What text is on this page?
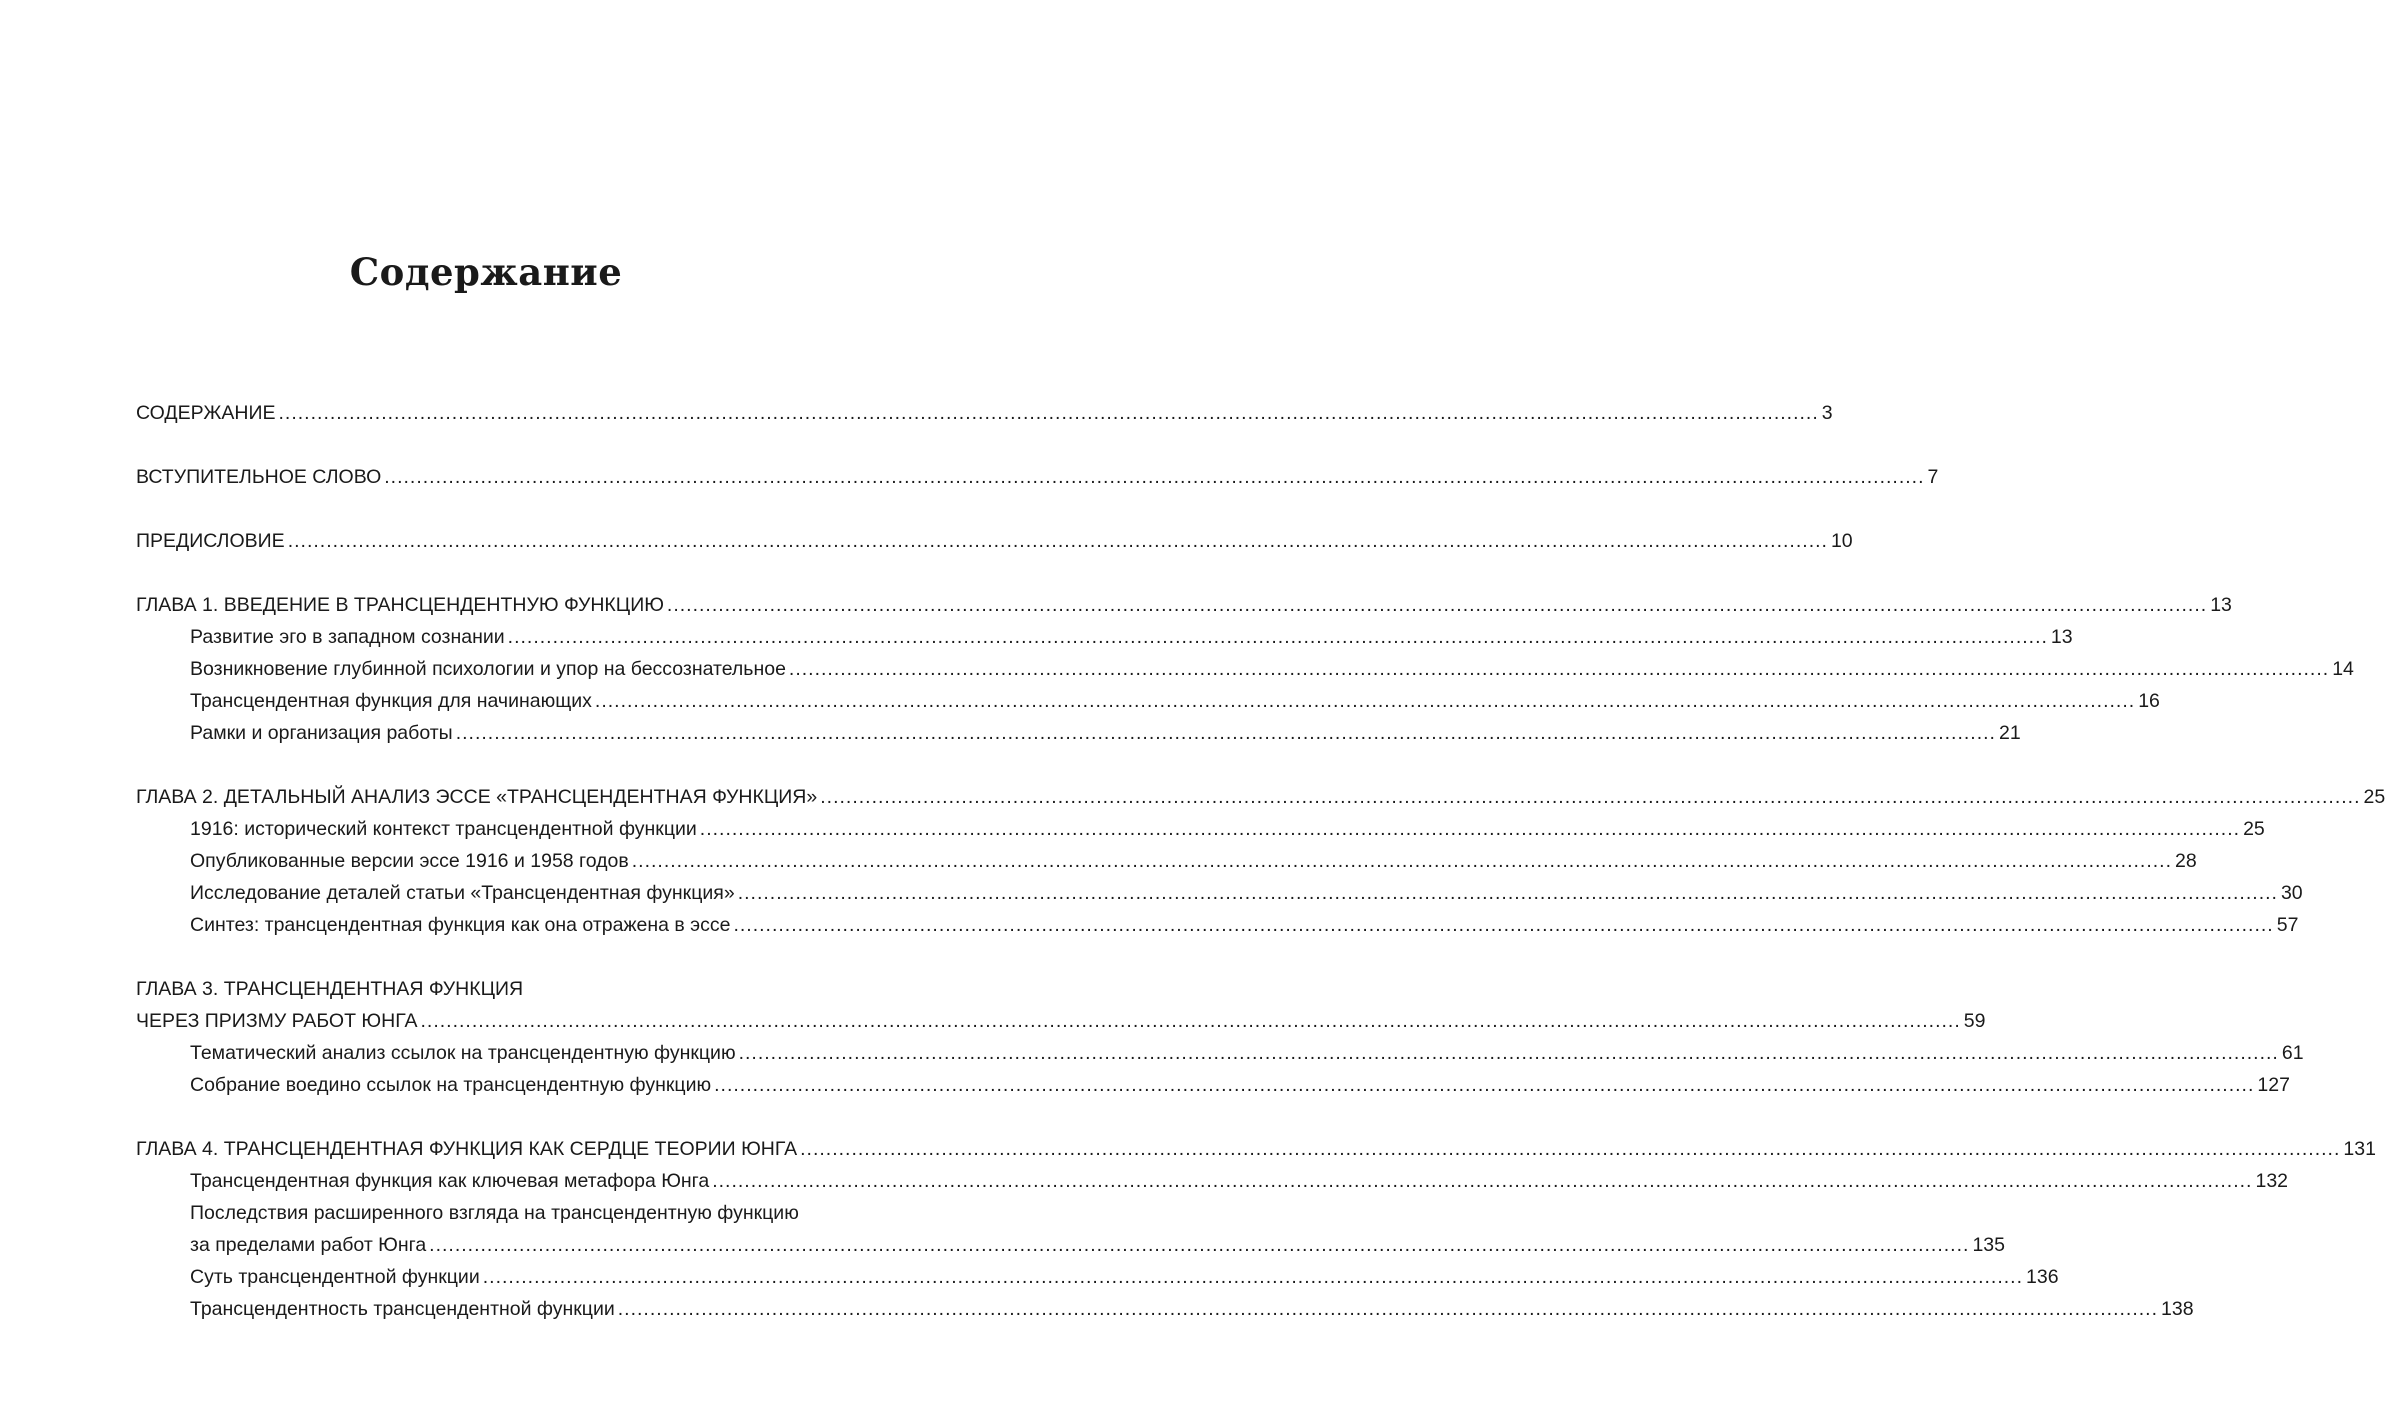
Содержание
СОДЕРЖАНИЕ .....	3
ВСТУПИТЕЛЬНОЕ СЛОВО .....	7
ПРЕДИСЛОВИЕ .....	10
ГЛАВА 1. ВВЕДЕНИЕ В ТРАНСЦЕНДЕНТНУЮ ФУНКЦИЮ .....	13
Развитие эго в западном сознании .....	13
Возникновение глубинной психологии и упор на бессознательное .....	14
Трансцендентная функция для начинающих .....	16
Рамки и организация работы .....	21
ГЛАВА 2. ДЕТАЛЬНЫЙ АНАЛИЗ ЭССЕ «ТРАНСЦЕНДЕНТНАЯ ФУНКЦИЯ» .....	25
1916: исторический контекст трансцендентной функции .....	25
Опубликованные версии эссе 1916 и 1958 годов .....	28
Исследование деталей статьи «Трансцендентная функция» .....	30
Синтез: трансцендентная функция как она отражена в эссе .....	57
ГЛАВА 3. ТРАНСЦЕНДЕНТНАЯ ФУНКЦИЯ
ЧЕРЕЗ ПРИЗМУ РАБОТ ЮНГА .....	59
Тематический анализ ссылок на трансцендентную функцию .....	61
Собрание воедино ссылок на трансцендентную функцию .....	127
ГЛАВА 4. ТРАНСЦЕНДЕНТНАЯ ФУНКЦИЯ КАК СЕРДЦЕ ТЕОРИИ ЮНГА .....	131
Трансцендентная функция как ключевая метафора Юнга .....	132
Последствия расширенного взгляда на трансцендентную функцию
за пределами работ Юнга .....	135
Суть трансцендентной функции .....	136
Трансцендентность трансцендентной функции .....	138
